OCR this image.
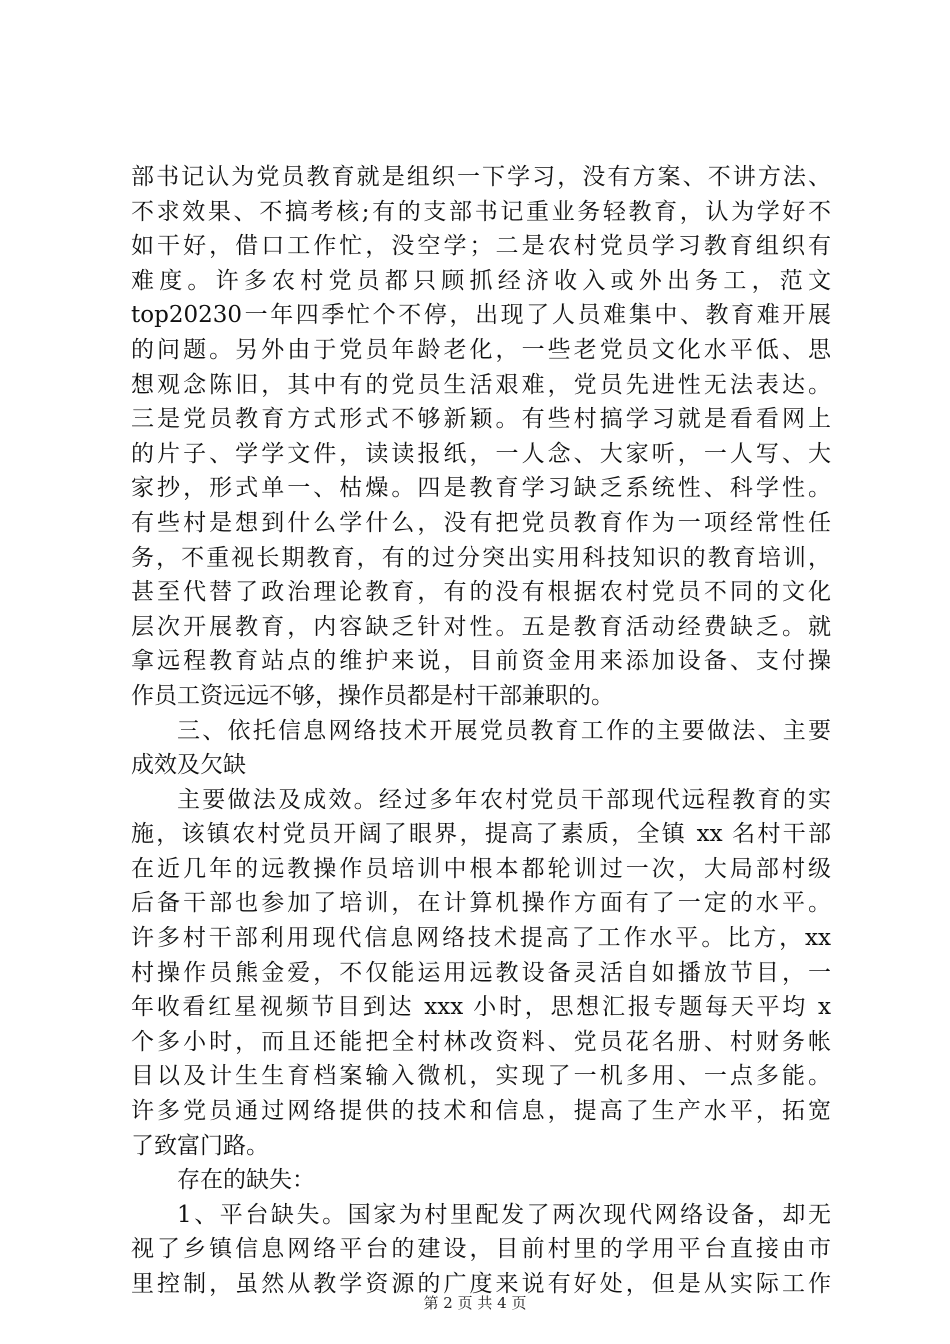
部书记认为党员教育就是组织一下学习，没有方案、不讲方法、
不求效果、不搞考核;有的支部书记重业务轻教育，认为学好不
如干好，借口工作忙，没空学；二是农村党员学习教育组织有
难度。许多农村党员都只顾抓经济收入或外出务工，范文
top20230一年四季忙个不停，出现了人员难集中、教育难开展
的问题。另外由于党员年龄老化，一些老党员文化水平低、思
想观念陈旧，其中有的党员生活艰难，党员先进性无法表达。
三是党员教育方式形式不够新颖。有些村搞学习就是看看网上
的片子、学学文件，读读报纸，一人念、大家听，一人写、大
家抄，形式单一、枯燥。四是教育学习缺乏系统性、科学性。
有些村是想到什么学什么，没有把党员教育作为一项经常性任
务，不重视长期教育，有的过分突出实用科技知识的教育培训，
甚至代替了政治理论教育，有的没有根据农村党员不同的文化
层次开展教育，内容缺乏针对性。五是教育活动经费缺乏。就
拿远程教育站点的维护来说，目前资金用来添加设备、支付操
作员工资远远不够，操作员都是村干部兼职的。
三、依托信息网络技术开展党员教育工作的主要做法、主要
成效及欠缺
主要做法及成效。经过多年农村党员干部现代远程教育的实
施，该镇农村党员开阔了眼界，提高了素质，全镇 xx 名村干部
在近几年的远教操作员培训中根本都轮训过一次，大局部村级
后备干部也参加了培训，在计算机操作方面有了一定的水平。
许多村干部利用现代信息网络技术提高了工作水平。比方，xx
村操作员熊金爱，不仅能运用远教设备灵活自如播放节目，一
年收看红星视频节目到达 xxx 小时，思想汇报专题每天平均 x
个多小时，而且还能把全村林改资料、党员花名册、村财务帐
目以及计生生育档案输入微机，实现了一机多用、一点多能。
许多党员通过网络提供的技术和信息，提高了生产水平，拓宽
了致富门路。
存在的缺失：
1、平台缺失。国家为村里配发了两次现代网络设备，却无
视了乡镇信息网络平台的建设，目前村里的学用平台直接由市
里控制，虽然从教学资源的广度来说有好处，但是从实际工作
第 2 页 共 4 页
